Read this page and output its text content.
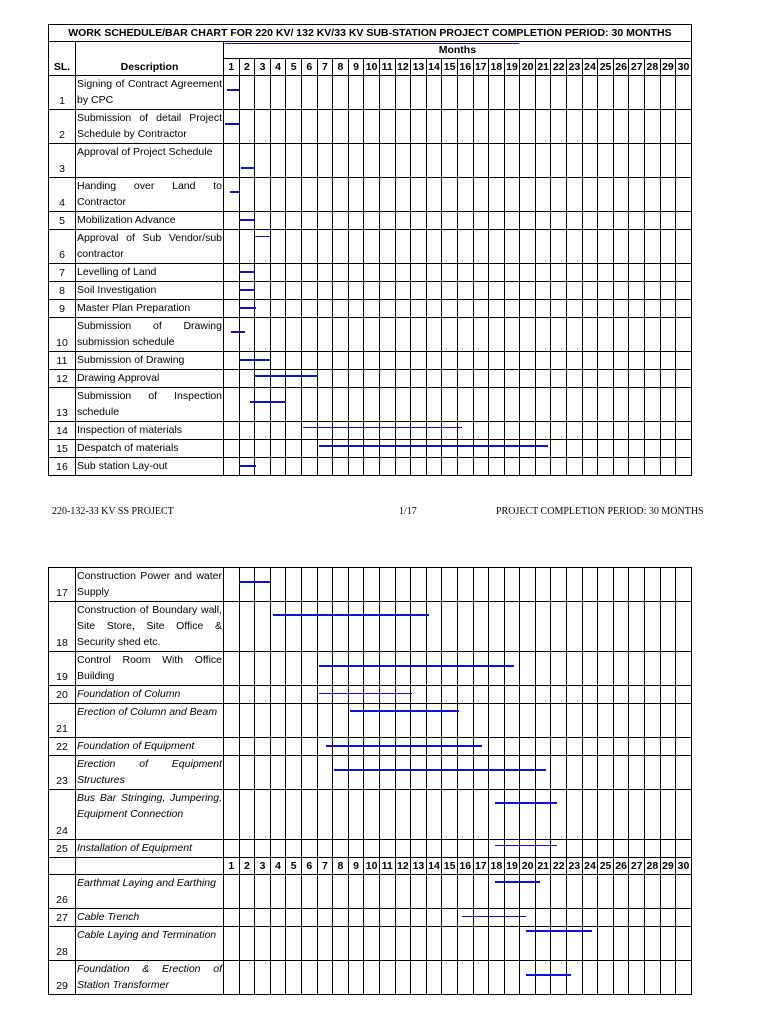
WORK SCHEDULE/BAR CHART FOR 220 KV/ 132 KV/33 KV SUB-STATION PROJECT COMPLETION PERIOD: 30 MONTHS																															
		Months																													
SL.	Description	1	2	3	4	5	6	7	8	9	10	11	12	13	14	15	16	17	18	19	20	21	22	23	24	25	26	27	28	29	30
1	Signing of Contract Agreement by CPC																														

2	Submission of detail Project Schedule by Contractor																														

3	Approval of Project Schedule																														

4	Handing over Land to Contractor																														

5	Mobilization Advance																														

6	Approval of Sub Vendor/sub contractor																														

7	Levelling of Land																														

8	Soil Investigation																														

9	Master Plan Preparation																														

10	Submission of Drawing submission schedule																														

11	Submission of Drawing																														

12	Drawing Approval																														

13	Submission of Inspection schedule																														

14	Inspection of materials																														

15	Despatch of materials																														

16	Sub station Lay-out																														

220-132-33 KV SS PROJECT	1/17	PROJECT COMPLETION PERIOD: 30 MONTHS
17	Construction Power and water Supply																														

18	Construction of Boundary wall, Site Store, Site Office & Security shed etc.																														

19	Control Room With Office Building																														

20	Foundation of Column																														

21	Erection of Column and Beam																														

22	Foundation of Equipment																														

23	Erection of Equipment Structures																														

24	Bus Bar Stringing, Jumpering, Equipment Connection																														

25	Installation of Equipment																														

		1	2	3	4	5	6	7	8	9	10	11	12	13	14	15	16	17	18	19	20	21	22	23	24	25	26	27	28	29	30
26	Earthmat Laying and Earthing																														

27	Cable Trench																														

28	Cable Laying and Termination																														

29	Foundation & Erection of Station Transformer																														
